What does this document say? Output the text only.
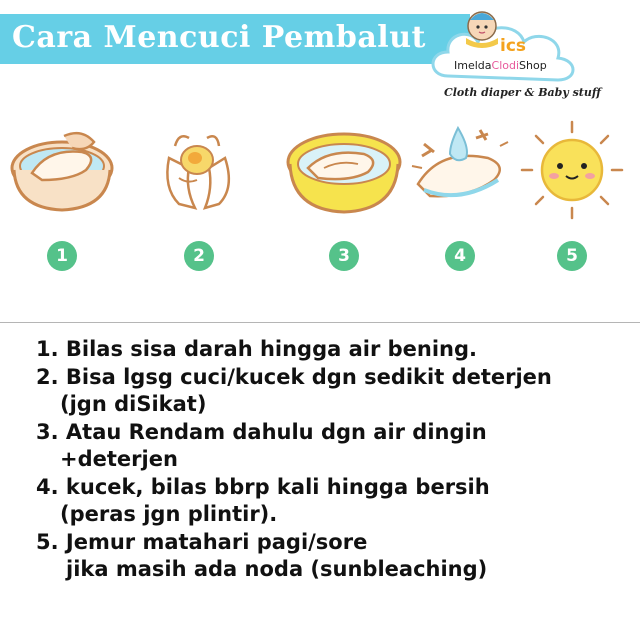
Cara Mencuci Pembalut	ics
ImeldaClodiShop
Cloth diaper & Baby stuff
1	2	3	4	5
1. Bilas sisa darah hingga air bening.
2. Bisa lgsg cuci/kucek dgn sedikit deterjen
(jgn diSikat)
3. Atau Rendam dahulu dgn air dingin
+deterjen
4. kucek, bilas bbrp kali hingga bersih
(peras jgn plintir).
5. Jemur matahari pagi/sore
jika masih ada noda (sunbleaching)
